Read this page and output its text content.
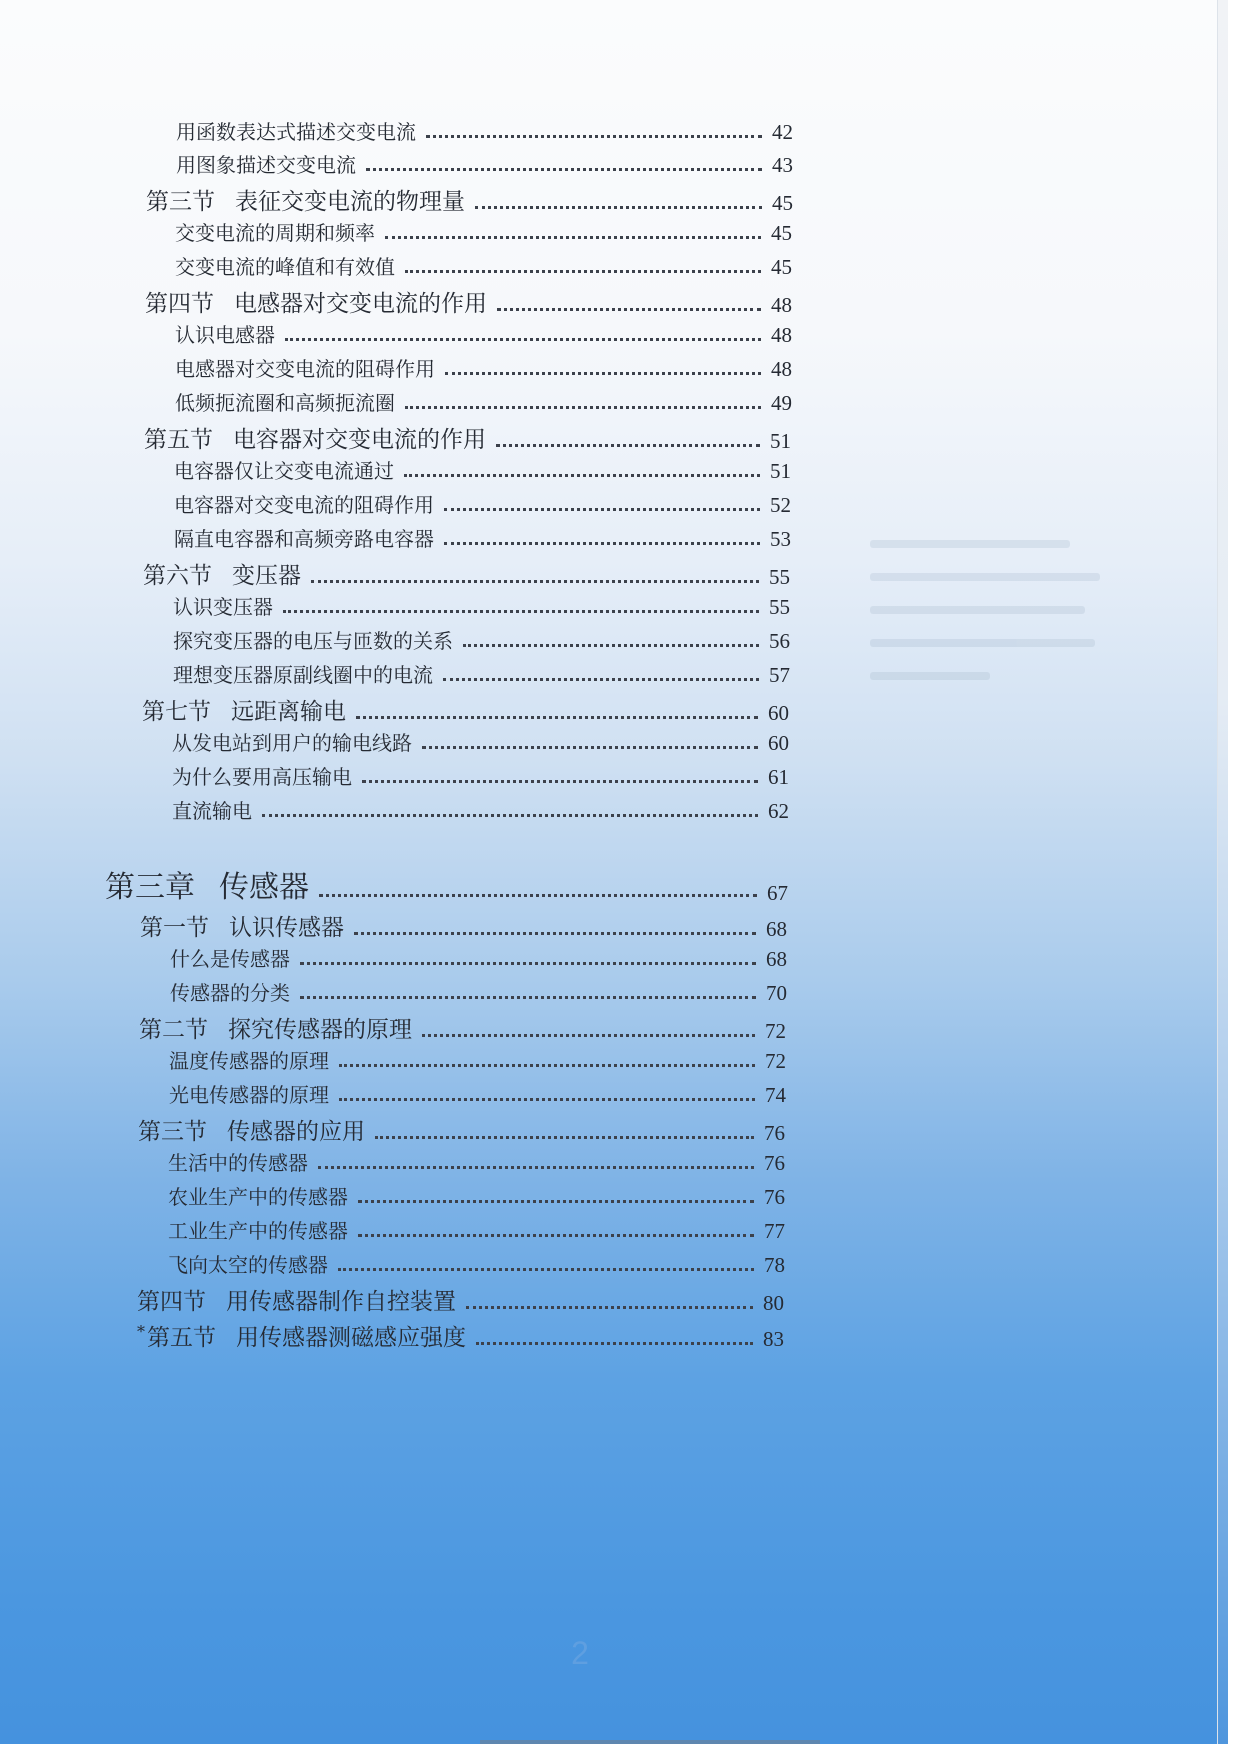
用函数表达式描述交变电流	42
用图象描述交变电流	43
第三节 表征交变电流的物理量	45
交变电流的周期和频率	45
交变电流的峰值和有效值	45
第四节 电感器对交变电流的作用	48
认识电感器	48
电感器对交变电流的阻碍作用	48
低频扼流圈和高频扼流圈	49
第五节 电容器对交变电流的作用	51
电容器仅让交变电流通过	51
电容器对交变电流的阻碍作用	52
隔直电容器和高频旁路电容器	53
第六节 变压器	55
认识变压器	55
探究变压器的电压与匝数的关系	56
理想变压器原副线圈中的电流	57
第七节 远距离输电	60
从发电站到用户的输电线路	60
为什么要用高压输电	61
直流输电	62
第三章 传感器	67
第一节 认识传感器	68
什么是传感器	68
传感器的分类	70
第二节 探究传感器的原理	72
温度传感器的原理	72
光电传感器的原理	74
第三节 传感器的应用	76
生活中的传感器	76
农业生产中的传感器	76
工业生产中的传感器	77
飞向太空的传感器	78
第四节 用传感器制作自控装置	80
*第五节 用传感器测磁感应强度	83
2
